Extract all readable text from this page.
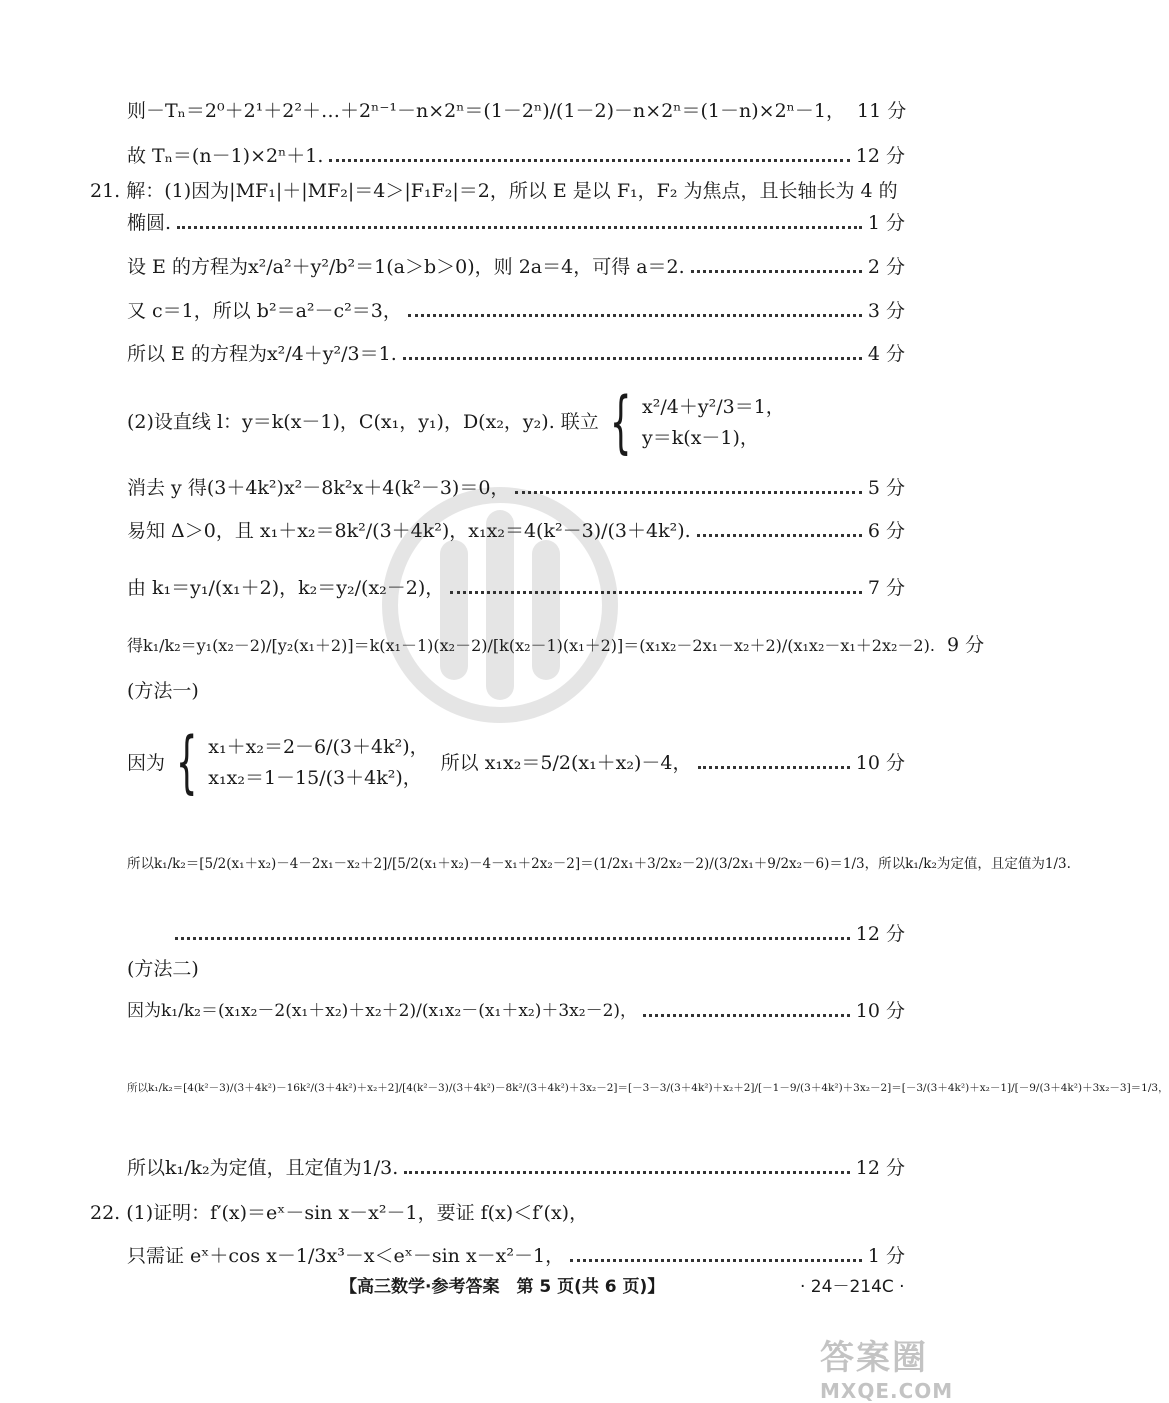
则－Tₙ＝2⁰＋2¹＋2²＋…＋2ⁿ⁻¹－n×2ⁿ＝(1－2ⁿ)/(1－2)－n×2ⁿ＝(1－n)×2ⁿ－1， 11 分
故 Tₙ＝(n－1)×2ⁿ＋1.	12 分
21. 解：(1)因为|MF₁|＋|MF₂|＝4＞|F₁F₂|＝2，所以 E 是以 F₁，F₂ 为焦点，且长轴长为 4 的
椭圆.	1 分
设 E 的方程为x²/a²＋y²/b²＝1(a＞b＞0)，则 2a＝4，可得 a＝2.	2 分
又 c＝1，所以 b²＝a²－c²＝3，	3 分
所以 E 的方程为x²/4＋y²/3＝1.	4 分
(2)设直线 l：y＝k(x－1)，C(x₁，y₁)，D(x₂，y₂). 联立 { x²/4＋y²/3＝1，
y＝k(x－1)，
消去 y 得(3＋4k²)x²－8k²x＋4(k²－3)＝0，	5 分
易知 Δ＞0，且 x₁＋x₂＝8k²/(3＋4k²)，x₁x₂＝4(k²－3)/(3＋4k²).	6 分
由 k₁＝y₁/(x₁＋2)，k₂＝y₂/(x₂－2)，	7 分
得k₁/k₂＝y₁(x₂－2)/[y₂(x₁＋2)]＝k(x₁－1)(x₂－2)/[k(x₂－1)(x₁＋2)]＝(x₁x₂－2x₁－x₂＋2)/(x₁x₂－x₁＋2x₂－2). 9 分
(方法一)
因为 { x₁＋x₂＝2－6/(3＋4k²)，
x₁x₂＝1－15/(3＋4k²)，
所以 x₁x₂＝5/2(x₁＋x₂)－4，	10 分
所以k₁/k₂＝[5/2(x₁＋x₂)－4－2x₁－x₂＋2]/[5/2(x₁＋x₂)－4－x₁＋2x₂－2]＝(1/2x₁＋3/2x₂－2)/(3/2x₁＋9/2x₂－6)＝1/3，所以k₁/k₂为定值，且定值为1/3.
12 分
(方法二)
因为k₁/k₂＝(x₁x₂－2(x₁＋x₂)＋x₂＋2)/(x₁x₂－(x₁＋x₂)＋3x₂－2)，	10 分
所以k₁/k₂＝[4(k²－3)/(3＋4k²)－16k²/(3＋4k²)＋x₂＋2]/[4(k²－3)/(3＋4k²)－8k²/(3＋4k²)＋3x₂－2]＝[－3－3/(3＋4k²)＋x₂＋2]/[－1－9/(3＋4k²)＋3x₂－2]＝[－3/(3＋4k²)＋x₂－1]/[－9/(3＋4k²)＋3x₂－3]＝1/3，
所以k₁/k₂为定值，且定值为1/3.	12 分
22. (1)证明：f′(x)＝eˣ－sin x－x²－1，要证 f(x)＜f′(x)，
只需证 eˣ＋cos x－1/3x³－x＜eˣ－sin x－x²－1，	1 分
【高三数学·参考答案　第 5 页(共 6 页)】	· 24－214C ·
答案圈
MXQE.COM
